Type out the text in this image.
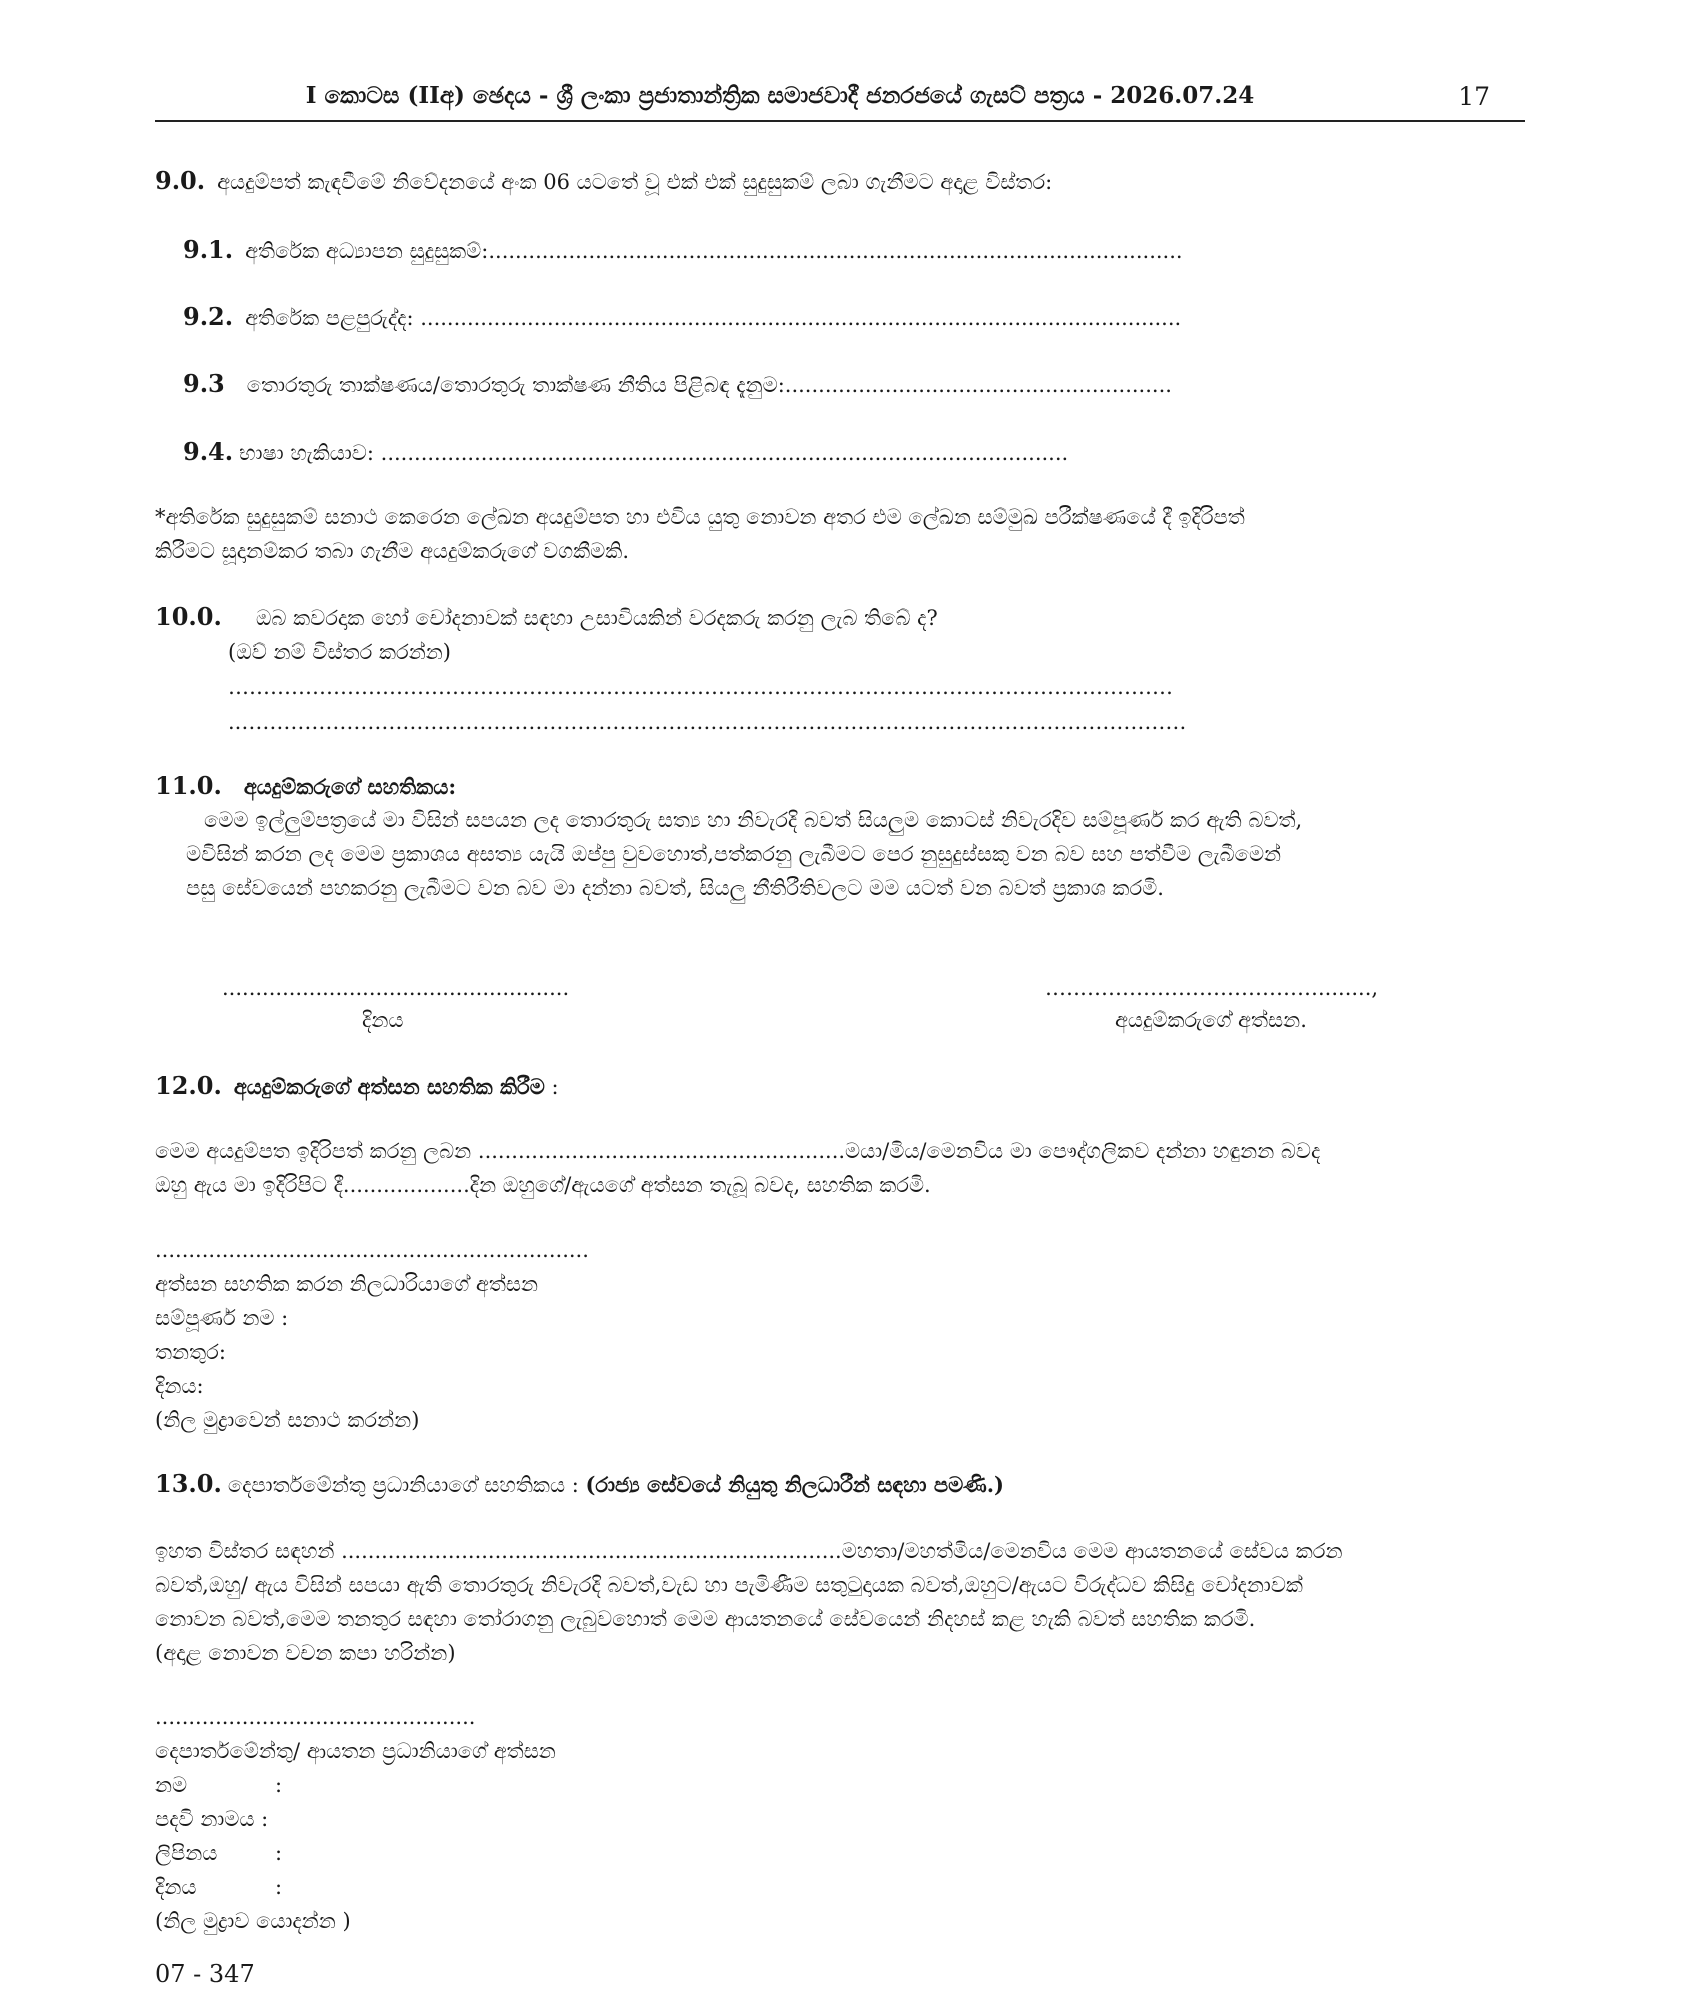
I කොටස (IIඅ) ඡෙදය - ශ්‍රී ලංකා ප්‍රජාතාන්ත්‍රික සමාජවාදී ජනරජයේ ගැසට් පත්‍රය - 2026.07.24	17
9.0. අයදුම්පත් කැඳවීමේ නිවේදනයේ අංක 06 යටතේ වූ එක් එක් සුදුසුකම් ලබා ගැනීමට අදාළ විස්තර:
9.1. අතිරේක අධ්‍යාපන සුදුසුකම්:........................................................................................................
9.2. අතිරේක පළපුරුද්ද: ..................................................................................................................
9.3 තොරතුරු තාක්ෂණය/තොරතුරු තාක්ෂණ නීතිය පිළිබඳ දැනුම:..........................................................
9.4. භාෂා හැකියාව: .......................................................................................................
*අතිරේක සුදුසුකම් සනාථ කෙරෙන ලේඛන අයදුම්පත හා එවිය යුතු නොවන අතර එම ලේඛන සම්මුඛ පරීක්ෂණයේ දී ඉදිරිපත්
කිරීමට සූදානම්කර තබා ගැනීම අයදුම්කරුගේ වගකීමකි.
10.0. ඔබ කවරදාක හෝ චෝදනාවක් සඳහා උසාවියකින් වරදකරු කරනු ලැබ තිබේ ද?
(ඔව් නම් විස්තර කරන්න)
………………………………………………………………………………………………………………………
..………………………………………………………………………………………………………………………
11.0. අයදුම්කරුගේ සහතිකය:
මෙම ඉල්ලුම්පත්‍රයේ මා විසින් සපයන ලද තොරතුරු සත්‍ය හා නිවැරදි බවත් සියලුම කොටස් නිවැරදිව සම්පූර්ණ කර ඇති බවත්,
මවිසින් කරන ලද මෙම ප්‍රකාශය අසත්‍ය යැයි ඔප්පු වුවහොත්,පත්කරනු ලැබීමට පෙර නුසුදුස්සකු වන බව සහ පත්වීම ලැබීමෙන්
පසු සේවයෙන් පහකරනු ලැබීමට වන බව මා දන්නා බවත්, සියලු නීතිරීතිවලට මම යටත් වන බවත් ප්‍රකාශ කරමි.
....................................................
දිනය
…………………………………........,
අයදුම්කරුගේ අත්සන.
12.0. අයදුම්කරුගේ අත්සන සහතික කිරීම :
මෙම අයදුම්පත ඉදිරිපත් කරනු ලබන .......................................................මයා/මිය/මෙනවිය මා පෞද්ගලිකව දන්නා හඳුනන බවද
ඔහු ඇය මා ඉදිරිපිට දී...................දින ඔහුගේ/ඇයගේ අත්සන තැබූ බවද, සහතික කරමි.
.................................................................
අත්සන සහතික කරන නිලධාරියාගේ අත්සන
සම්පූර්ණ නම :
තනතුර:
දිනය:
(නිල මුද්‍රාවෙන් සනාථ කරන්න)
13.0. දෙපාර්තමේන්තු ප්‍රධානියාගේ සහතිකය : (රාජ්‍ය සේවයේ නියුතු නිලධාරීන් සඳහා පමණි.)
ඉහත විස්තර සඳහන් ...........................................................................මහතා/මහත්මිය/මෙනවිය මෙම ආයතනයේ සේවය කරන
බවත්,ඔහු/ ඇය විසින් සපයා ඇති තොරතුරු නිවැරදි බවත්,වැඩ හා පැමිණීම සතුටුදායක බවත්,ඔහුට/ඇයට විරුද්ධව කිසිදු චෝදනාවක්
නොවන බවත්,මෙම තනතුර සඳහා තෝරාගනු ලැබුවහොත් මෙම ආයතනයේ සේවයෙන් නිදහස් කළ හැකි බවත් සහතික කරමි.
(අදාළ නොවන වචන කපා හරින්න)
................................................
දෙපාර්තමේන්තු/ ආයතන ප්‍රධානියාගේ අත්සන
නම	:
පදවි නාමය :
ලිපිනය	:
දිනය	:
(නිල මුද්‍රාව යොදන්න )
07 - 347
